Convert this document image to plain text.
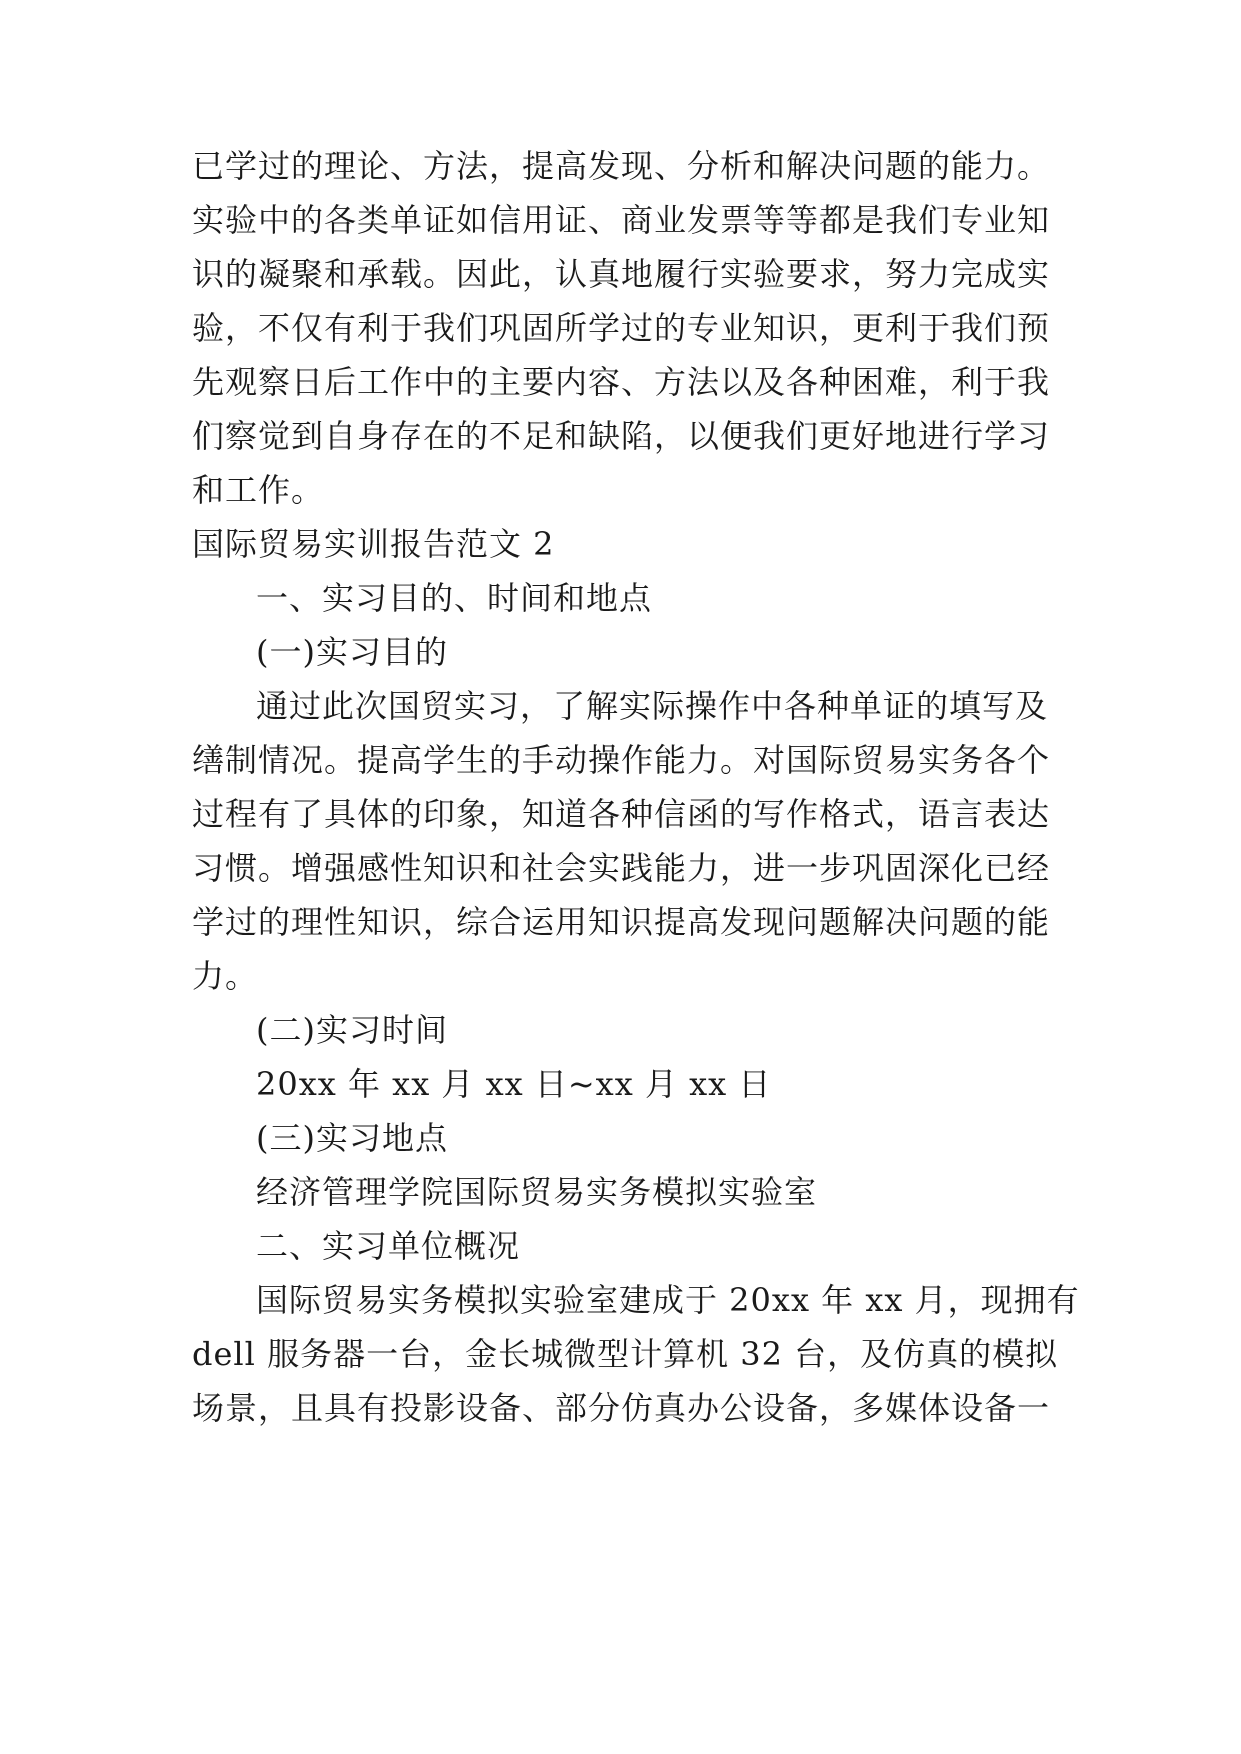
已学过的理论、方法，提高发现、分析和解决问题的能力。

实验中的各类单证如信用证、商业发票等等都是我们专业知

识的凝聚和承载。因此，认真地履行实验要求，努力完成实

验，不仅有利于我们巩固所学过的专业知识，更利于我们预

先观察日后工作中的主要内容、方法以及各种困难，利于我

们察觉到自身存在的不足和缺陷，以便我们更好地进行学习

和工作。

国际贸易实训报告范文 2

一、实习目的、时间和地点

(一)实习目的

通过此次国贸实习，了解实际操作中各种单证的填写及

缮制情况。提高学生的手动操作能力。对国际贸易实务各个

过程有了具体的印象，知道各种信函的写作格式，语言表达

习惯。增强感性知识和社会实践能力，进一步巩固深化已经

学过的理性知识，综合运用知识提高发现问题解决问题的能

力。

(二)实习时间

20xx 年 xx 月 xx 日~xx 月 xx 日

(三)实习地点

经济管理学院国际贸易实务模拟实验室

二、实习单位概况

国际贸易实务模拟实验室建成于 20xx 年 xx 月，现拥有

dell 服务器一台，金长城微型计算机 32 台，及仿真的模拟

场景，且具有投影设备、部分仿真办公设备，多媒体设备一
